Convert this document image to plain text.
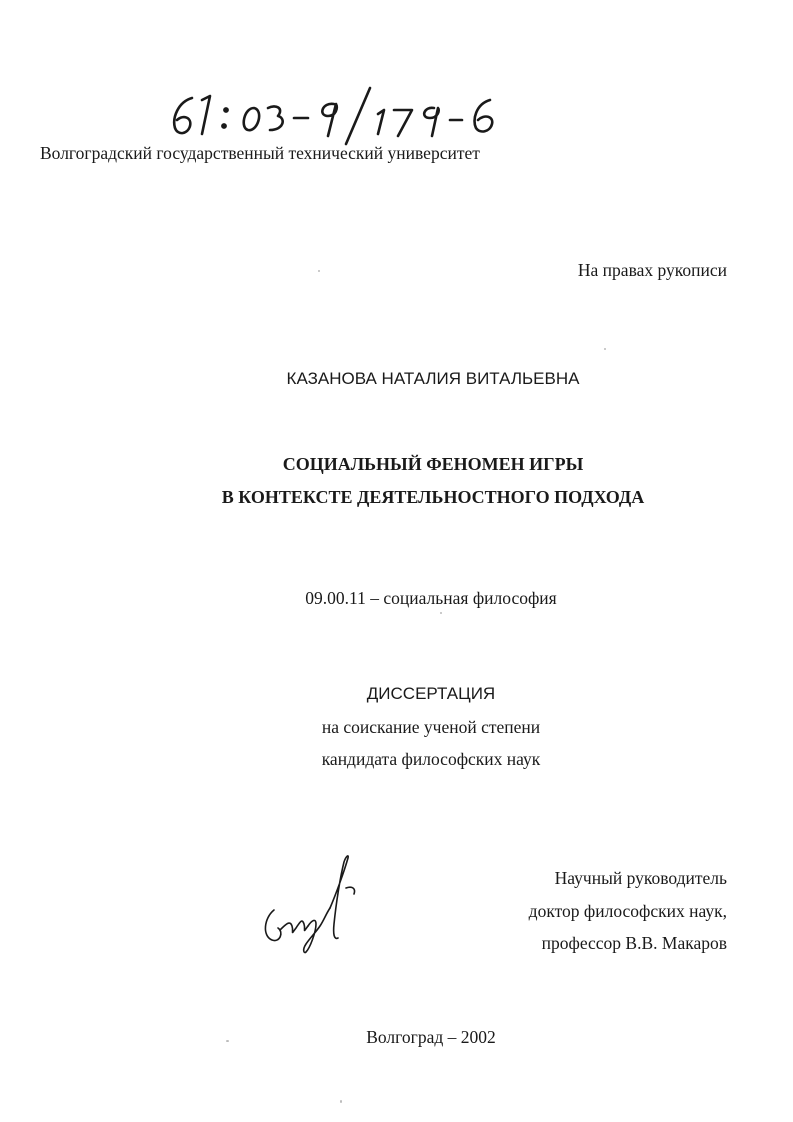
Волгоградский государственный технический университет
На правах рукописи
КАЗАНОВА НАТАЛИЯ ВИТАЛЬЕВНА
СОЦИАЛЬНЫЙ ФЕНОМЕН ИГРЫ
В КОНТЕКСТЕ ДЕЯТЕЛЬНОСТНОГО ПОДХОДА
09.00.11 – социальная философия
ДИССЕРТАЦИЯ
на соискание ученой степени
кандидата философских наук
Научный руководитель
доктор философских наук,
профессор В.В. Макаров
Волгоград – 2002
